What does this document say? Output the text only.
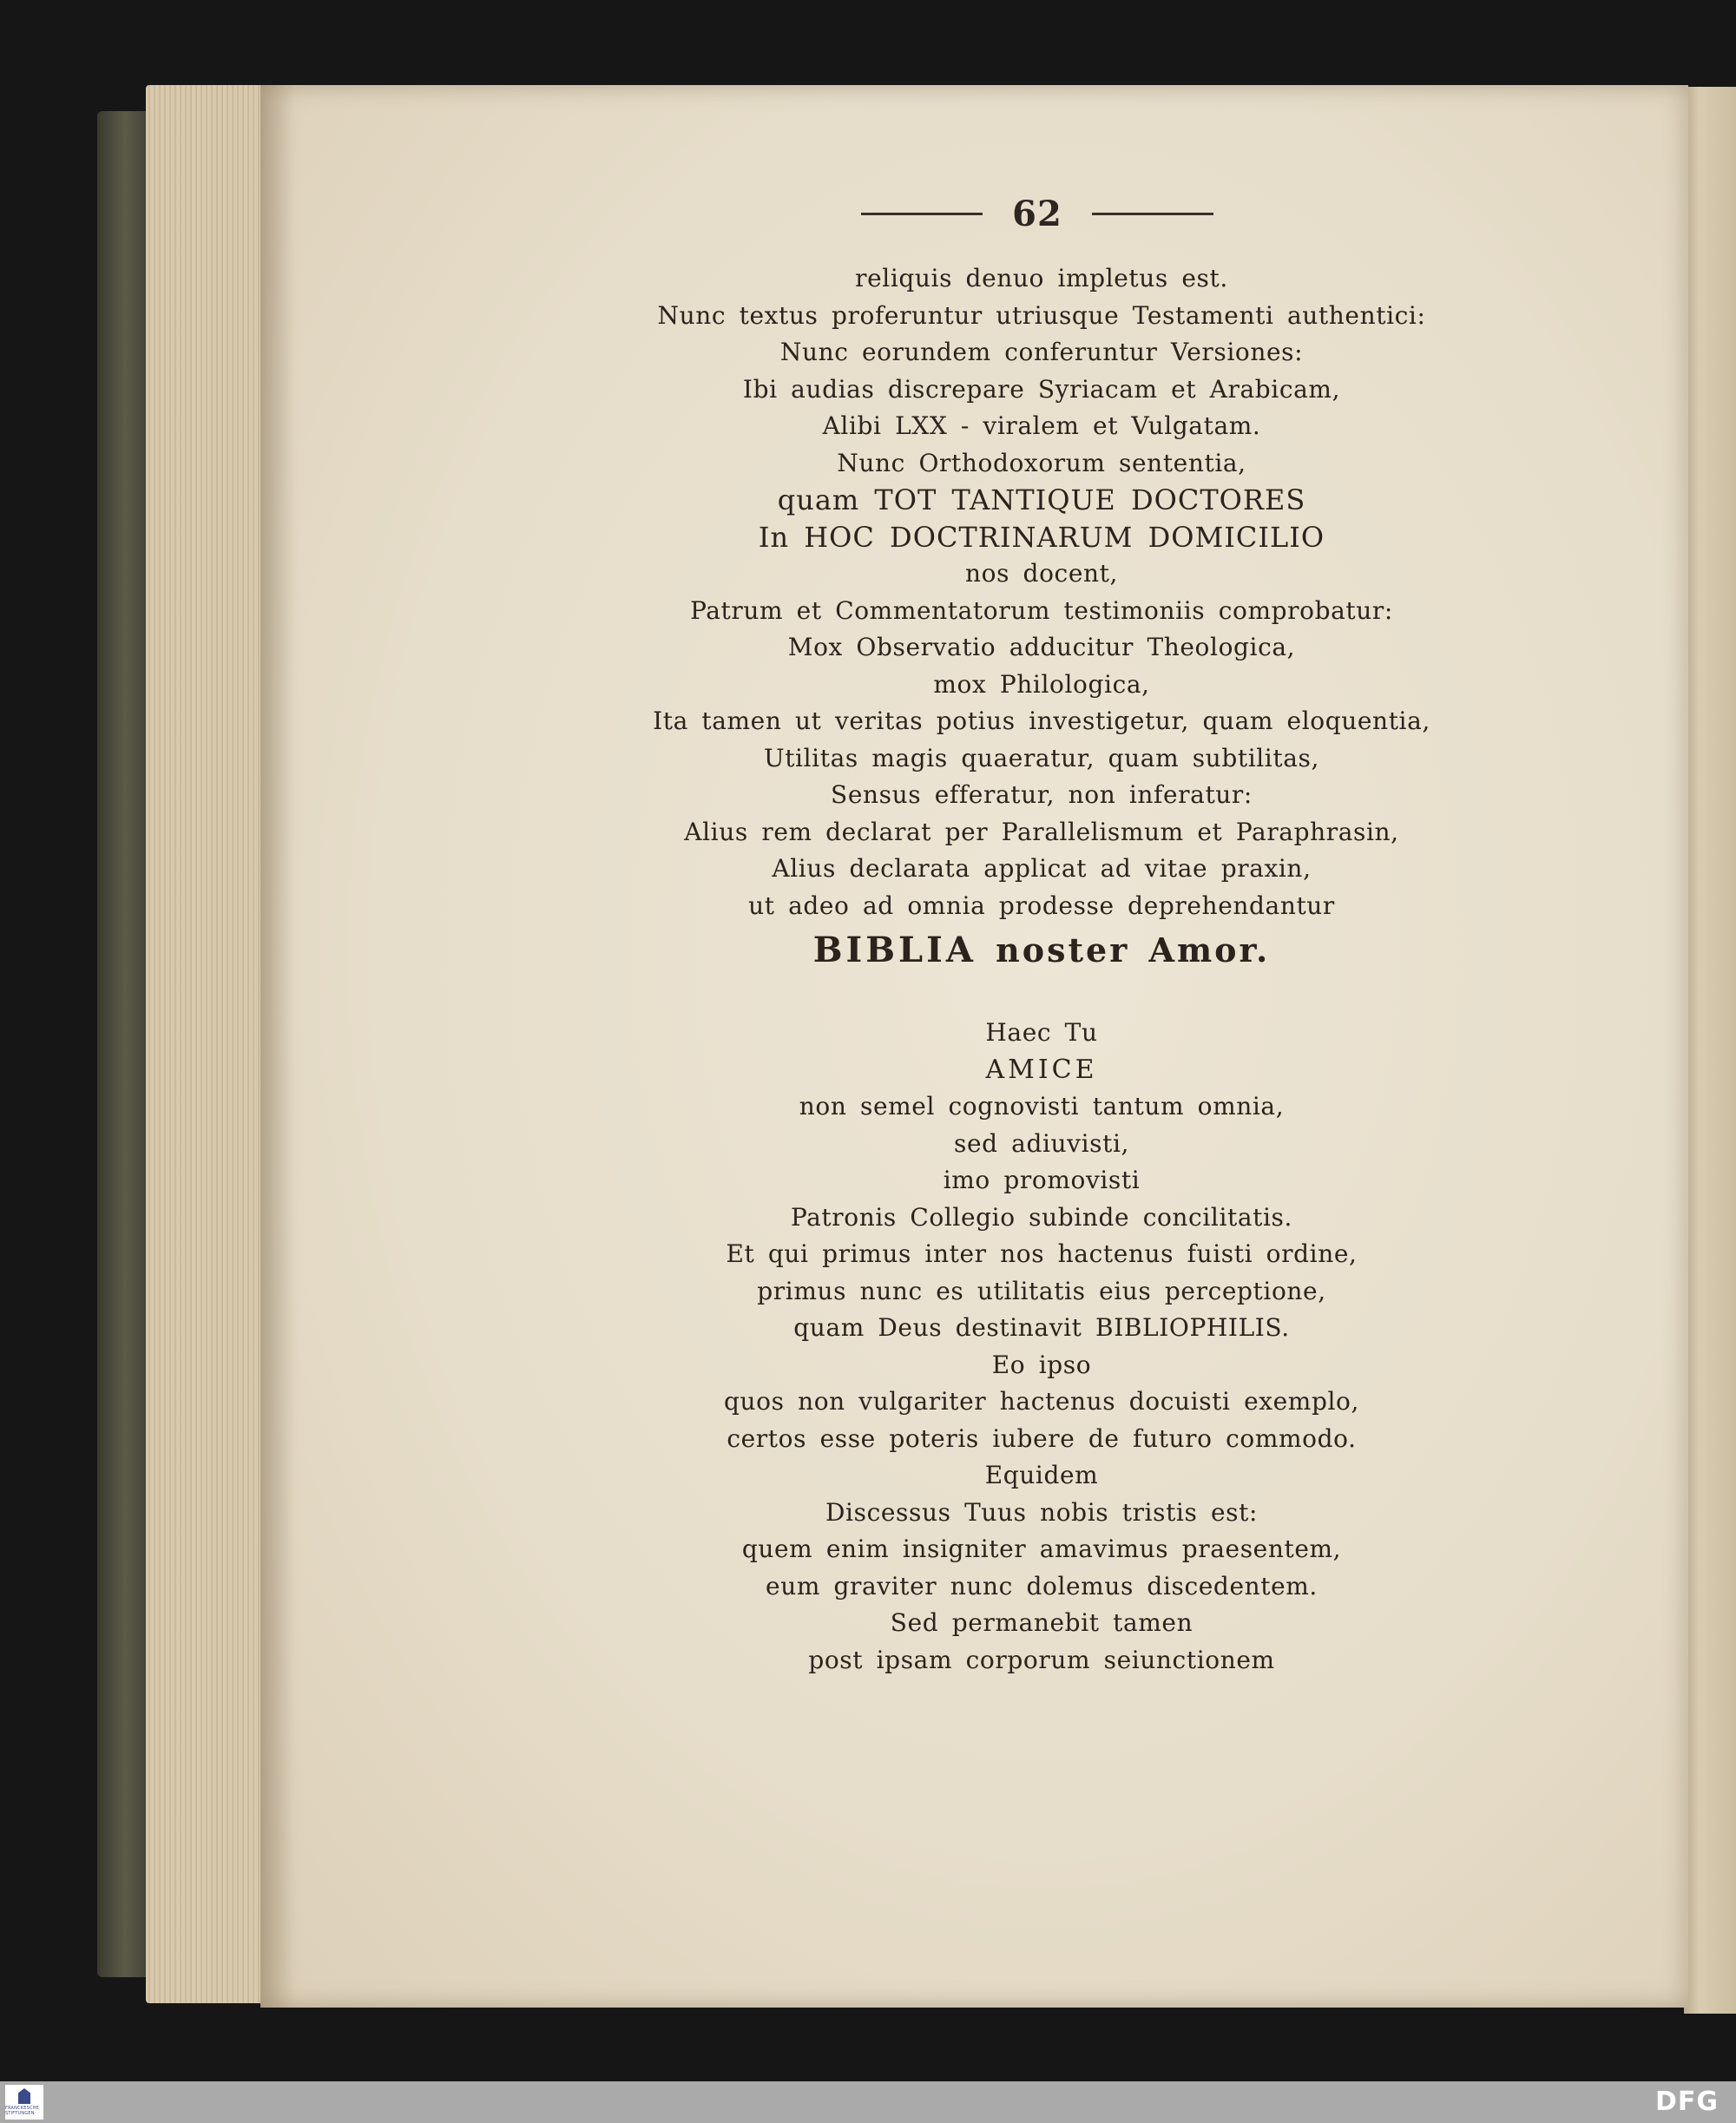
62
reliquis denuo impletus est.
Nunc textus proferuntur utriusque Testamenti authentici:
Nunc eorundem conferuntur Versiones:
Ibi audias discrepare Syriacam et Arabicam,
Alibi LXX - viralem et Vulgatam.
Nunc Orthodoxorum sententia,
quam TOT TANTIQUE DOCTORES
In HOC DOCTRINARUM DOMICILIO
nos docent,
Patrum et Commentatorum testimoniis comprobatur:
Mox Observatio adducitur Theologica,
mox Philologica,
Ita tamen ut veritas potius investigetur, quam eloquentia,
Utilitas magis quaeratur, quam subtilitas,
Sensus efferatur, non inferatur:
Alius rem declarat per Parallelismum et Paraphrasin,
Alius declarata applicat ad vitae praxin,
ut adeo ad omnia prodesse deprehendantur
BIBLIA noster Amor.
Haec Tu
AMICE
non semel cognovisti tantum omnia,
sed adiuvisti,
imo promovisti
Patronis Collegio subinde concilitatis.
Et qui primus inter nos hactenus fuisti ordine,
primus nunc es utilitatis eius perceptione,
quam Deus destinavit BIBLIOPHILIS.
Eo ipso
quos non vulgariter hactenus docuisti exemplo,
certos esse poteris iubere de futuro commodo.
Equidem
Discessus Tuus nobis tristis est:
quem enim insigniter amavimus praesentem,
eum graviter nunc dolemus discedentem.
Sed permanebit tamen
post ipsam corporum seiunctionem
FRANCKESCHE STIFTUNGEN	DFG
